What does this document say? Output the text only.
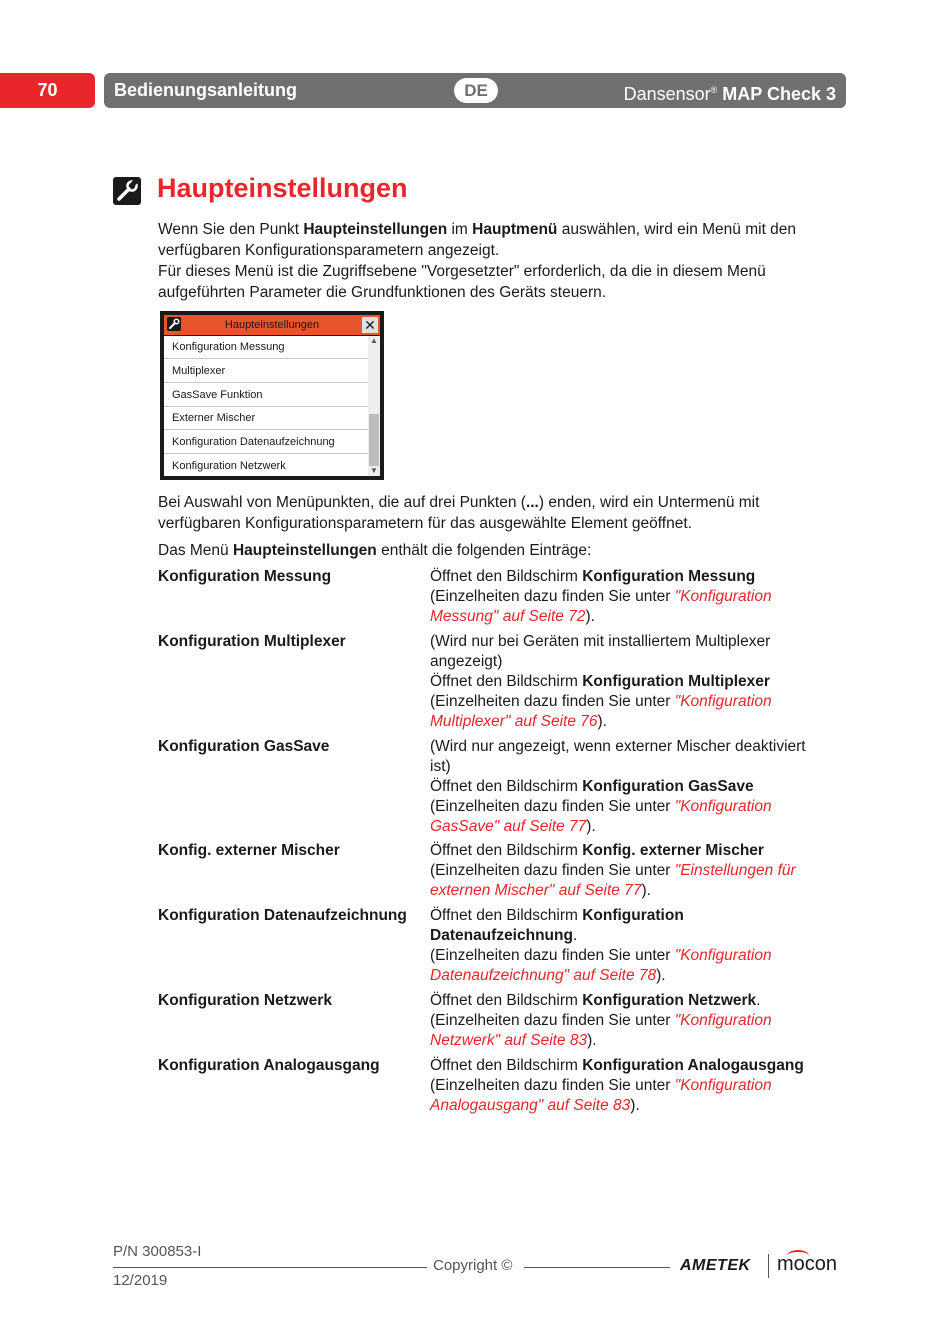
70	Bedienungsanleitung	DE	Dansensor® MAP Check 3
Haupteinstellungen
Wenn Sie den Punkt Haupteinstellungen im Hauptmenü auswählen, wird ein Menü mit den
verfügbaren Konfigurationsparametern angezeigt.
Für dieses Menü ist die Zugriffsebene "Vorgesetzter" erforderlich, da die in diesem Menü
aufgeführten Parameter die Grundfunktionen des Geräts steuern.
Haupteinstellungen	✕
Konfiguration Messung
Multiplexer
GasSave Funktion
Externer Mischer
Konfiguration Datenaufzeichnung
Konfiguration Netzwerk
▲
▼
Bei Auswahl von Menüpunkten, die auf drei Punkten (...) enden, wird ein Untermenü mit
verfügbaren Konfigurationsparametern für das ausgewählte Element geöffnet.
Das Menü Haupteinstellungen enthält die folgenden Einträge:
Konfiguration Messung	Öffnet den Bildschirm Konfiguration Messung
(Einzelheiten dazu finden Sie unter "Konfiguration
Messung" auf Seite 72).
Konfiguration Multiplexer	(Wird nur bei Geräten mit installiertem Multiplexer
angezeigt)
Öffnet den Bildschirm Konfiguration Multiplexer
(Einzelheiten dazu finden Sie unter "Konfiguration
Multiplexer" auf Seite 76).
Konfiguration GasSave	(Wird nur angezeigt, wenn externer Mischer deaktiviert
ist)
Öffnet den Bildschirm Konfiguration GasSave
(Einzelheiten dazu finden Sie unter "Konfiguration
GasSave" auf Seite 77).
Konfig. externer Mischer	Öffnet den Bildschirm Konfig. externer Mischer
(Einzelheiten dazu finden Sie unter "Einstellungen für
externen Mischer" auf Seite 77).
Konfiguration Datenaufzeichnung	Öffnet den Bildschirm Konfiguration
Datenaufzeichnung.
(Einzelheiten dazu finden Sie unter "Konfiguration
Datenaufzeichnung" auf Seite 78).
Konfiguration Netzwerk	Öffnet den Bildschirm Konfiguration Netzwerk.
(Einzelheiten dazu finden Sie unter "Konfiguration
Netzwerk" auf Seite 83).
Konfiguration Analogausgang	Öffnet den Bildschirm Konfiguration Analogausgang
(Einzelheiten dazu finden Sie unter "Konfiguration
Analogausgang" auf Seite 83).
P/N 300853-I
12/2019
Copyright ©	AMETEK mocon
